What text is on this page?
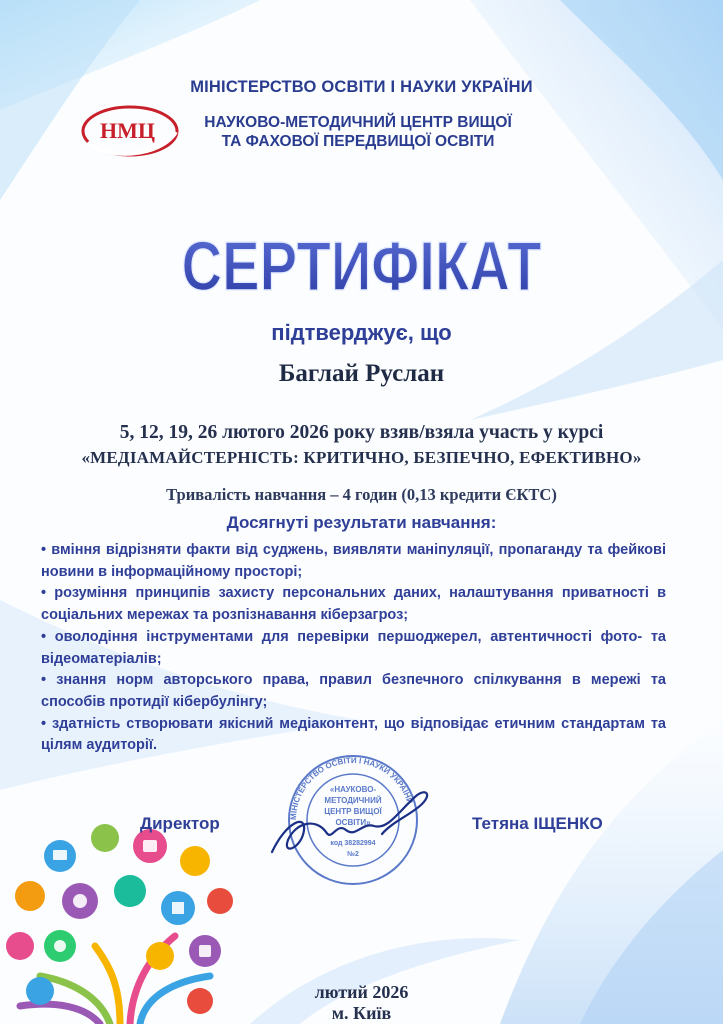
МІНІСТЕРСТВО ОСВІТИ І НАУКИ УКРАЇНИ
НМЦ	НАУКОВО-МЕТОДИЧНИЙ ЦЕНТР ВИЩОЇ
ТА ФАХОВОЇ ПЕРЕДВИЩОЇ ОСВІТИ
СЕРТИФІКАТ
підтверджує, що
Баглай Руслан
5, 12, 19, 26 лютого 2026 року взяв/взяла участь у курсі
«МЕДІАМАЙСТЕРНІСТЬ: КРИТИЧНО, БЕЗПЕЧНО, ЕФЕКТИВНО»
Тривалість навчання – 4 годин (0,13 кредити ЄКТС)
Досягнуті результати навчання:
• вміння відрізняти факти від суджень, виявляти маніпуляції, пропаганду та фейкові новини в інформаційному просторі;
• розуміння принципів захисту персональних даних, налаштування приватності в соціальних мережах та розпізнавання кіберзагроз;
• оволодіння інструментами для перевірки першоджерел, автентичності фото- та відеоматеріалів;
• знання норм авторського права, правил безпечного спілкування в мережі та способів протидії кібербулінгу;
• здатність створювати якісний медіаконтент, що відповідає етичним стандартам та цілям аудиторії.
Директор	МІНІСТЕРСТВО ОСВІТИ І НАУКИ УКРАЇНИ
«НАУКОВО-
МЕТОДИЧНИЙ
ЦЕНТР ВИЩОЇ
ОСВІТИ»
код 38282994
№2
Тетяна ІЩЕНКО
лютий 2026
м. Київ
